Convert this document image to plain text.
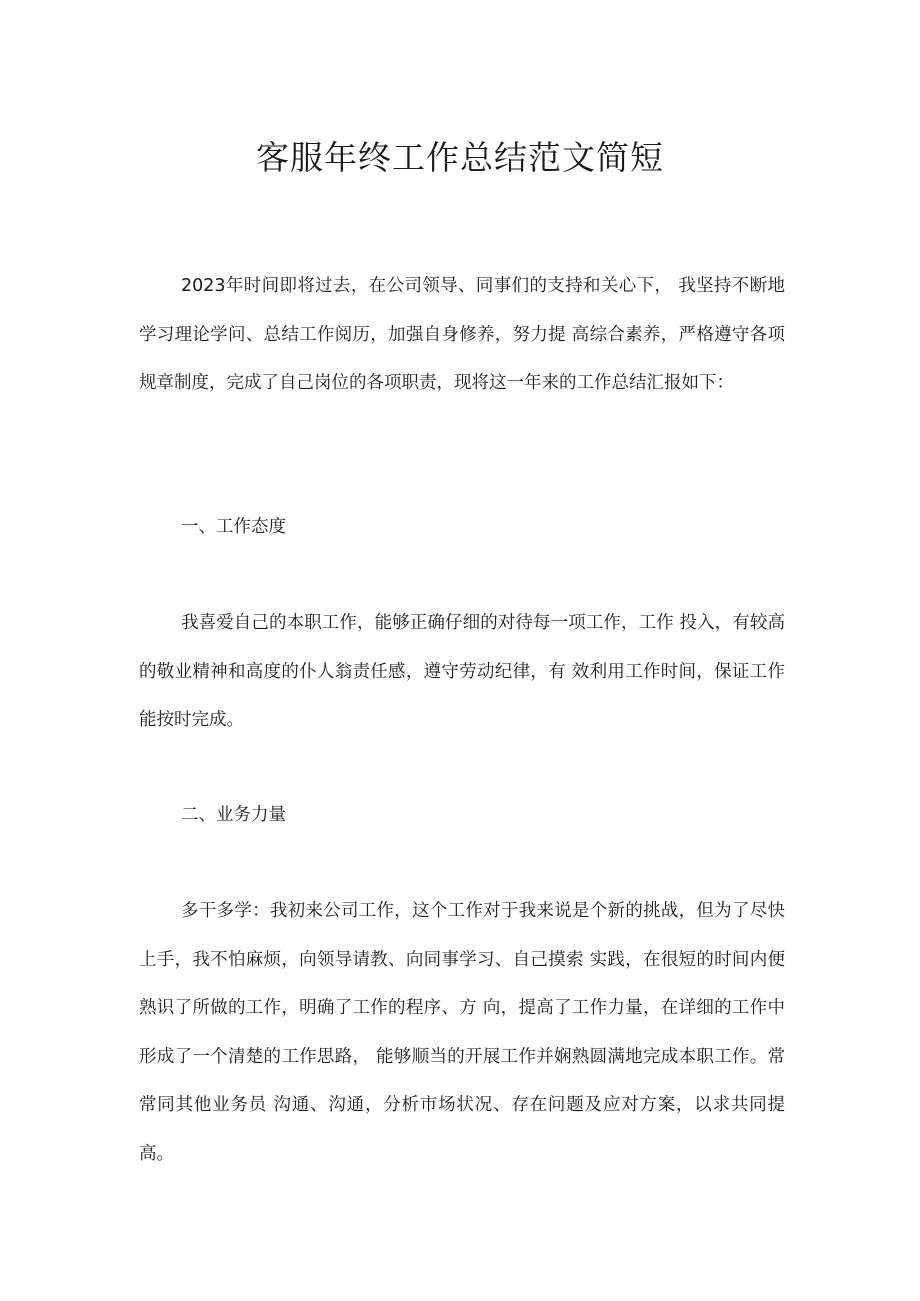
客服年终工作总结范文简短

2023年时间即将过去，在公司领导、同事们的支持和关心下， 我坚持不断地学习理论学问、总结工作阅历，加强自身修养，努力提 高综合素养，严格遵守各项规章制度，完成了自己岗位的各项职责，现将这一年来的工作总结汇报如下：

一、工作态度

我喜爱自己的本职工作，能够正确仔细的对待每一项工作，工作 投入，有较高的敬业精神和高度的仆人翁责任感，遵守劳动纪律，有 效利用工作时间，保证工作能按时完成。

二、业务力量

多干多学：我初来公司工作，这个工作对于我来说是个新的挑战，但为了尽快上手，我不怕麻烦，向领导请教、向同事学习、自己摸索 实践，在很短的时间内便熟识了所做的工作，明确了工作的程序、方 向，提高了工作力量，在详细的工作中形成了一个清楚的工作思路， 能够顺当的开展工作并娴熟圆满地完成本职工作。常常同其他业务员 沟通、沟通，分析市场状况、存在问题及应对方案，以求共同提高。
